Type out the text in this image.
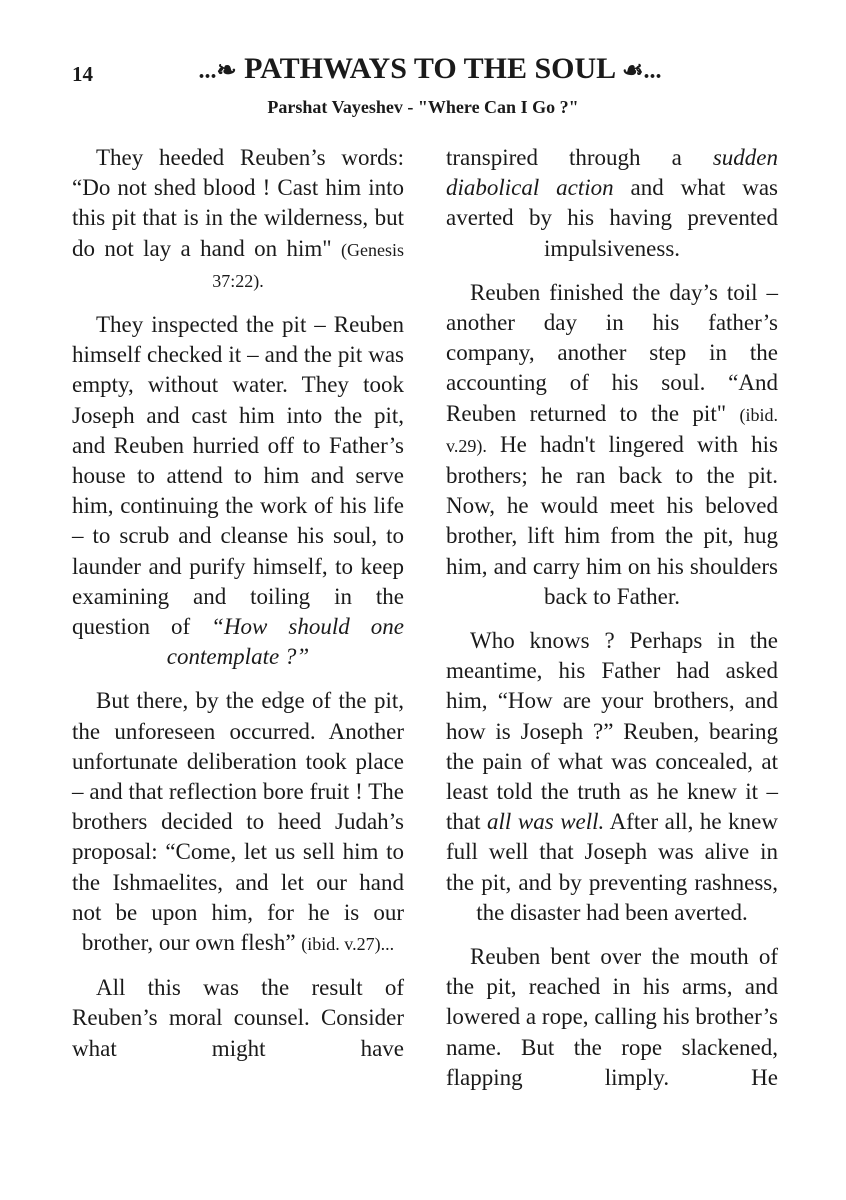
14	...❧ PATHWAYS TO THE SOUL ☙...
Parshat Vayeshev - "Where Can I Go ?"

They heeded Reuben’s words: “Do not shed blood ! Cast him into this pit that is in the wilderness, but do not lay a hand on him" (Genesis 37:22).

They inspected the pit – Reuben himself checked it – and the pit was empty, without water. They took Joseph and cast him into the pit, and Reuben hurried off to Father’s house to attend to him and serve him, continuing the work of his life – to scrub and cleanse his soul, to launder and purify himself, to keep examining and toiling in the question of “How should one contemplate ?”

But there, by the edge of the pit, the unforeseen occurred. Another unfortunate deliberation took place – and that reflection bore fruit ! The brothers decided to heed Judah’s proposal: “Come, let us sell him to the Ishmaelites, and let our hand not be upon him, for he is our brother, our own flesh” (ibid. v.27)...

All this was the result of Reuben’s moral counsel. Consider what might have

transpired through a sudden diabolical action and what was averted by his having prevented impulsiveness.

Reuben finished the day’s toil – another day in his father’s company, another step in the accounting of his soul. “And Reuben returned to the pit" (ibid. v.29). He hadn't lingered with his brothers; he ran back to the pit. Now, he would meet his beloved brother, lift him from the pit, hug him, and carry him on his shoulders back to Father.

Who knows ? Perhaps in the meantime, his Father had asked him, “How are your brothers, and how is Joseph ?” Reuben, bearing the pain of what was concealed, at least told the truth as he knew it – that all was well. After all, he knew full well that Joseph was alive in the pit, and by preventing rashness, the disaster had been averted.

Reuben bent over the mouth of the pit, reached in his arms, and lowered a rope, calling his brother’s name. But the rope slackened, flapping limply. He
